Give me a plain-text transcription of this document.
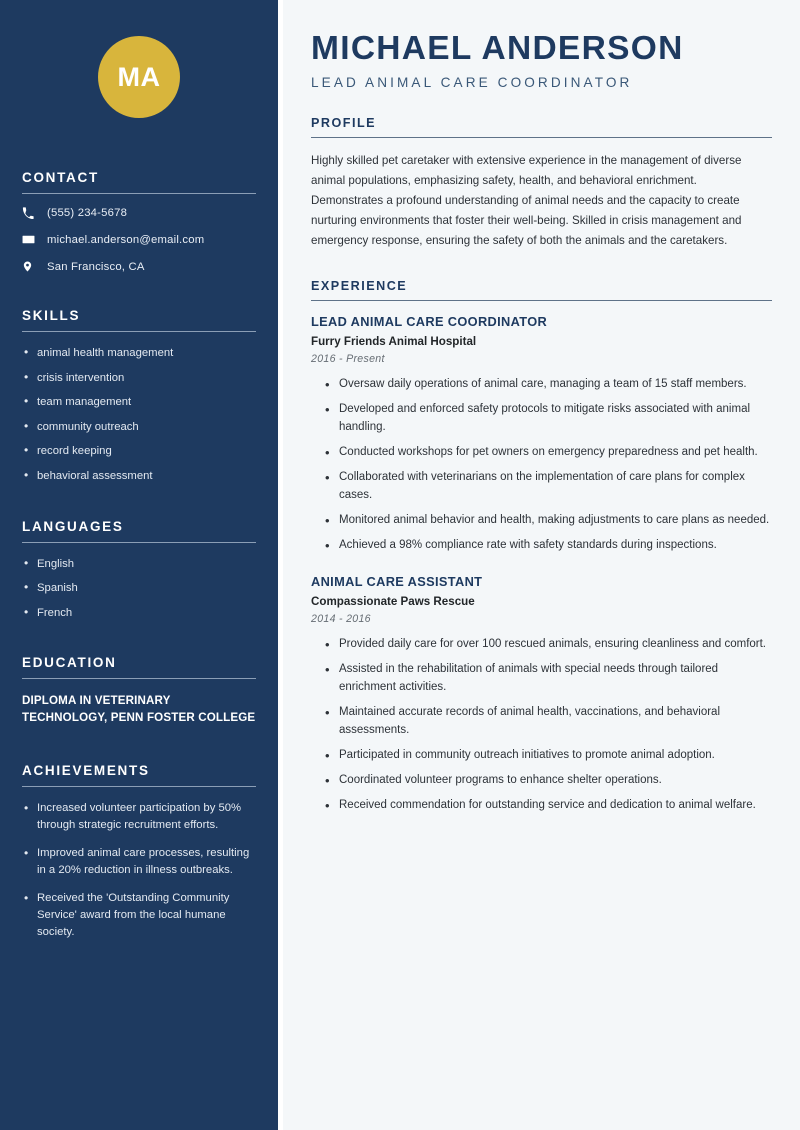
MA
CONTACT
(555) 234-5678
michael.anderson@email.com
San Francisco, CA
SKILLS
• animal health management
• crisis intervention
• team management
• community outreach
• record keeping
• behavioral assessment
LANGUAGES
• English
• Spanish
• French
EDUCATION
DIPLOMA IN VETERINARY TECHNOLOGY, PENN FOSTER COLLEGE
ACHIEVEMENTS
• Increased volunteer participation by 50% through strategic recruitment efforts.
• Improved animal care processes, resulting in a 20% reduction in illness outbreaks.
• Received the 'Outstanding Community Service' award from the local humane society.
MICHAEL ANDERSON
LEAD ANIMAL CARE COORDINATOR
PROFILE

Highly skilled pet caretaker with extensive experience in the management of diverse animal populations, emphasizing safety, health, and behavioral enrichment. Demonstrates a profound understanding of animal needs and the capacity to create nurturing environments that foster their well-being. Skilled in crisis management and emergency response, ensuring the safety of both the animals and the caretakers.

EXPERIENCE
LEAD ANIMAL CARE COORDINATOR
Furry Friends Animal Hospital
2016 - Present
• Oversaw daily operations of animal care, managing a team of 15 staff members.
• Developed and enforced safety protocols to mitigate risks associated with animal handling.
• Conducted workshops for pet owners on emergency preparedness and pet health.
• Collaborated with veterinarians on the implementation of care plans for complex cases.
• Monitored animal behavior and health, making adjustments to care plans as needed.
• Achieved a 98% compliance rate with safety standards during inspections.
ANIMAL CARE ASSISTANT
Compassionate Paws Rescue
2014 - 2016
• Provided daily care for over 100 rescued animals, ensuring cleanliness and comfort.
• Assisted in the rehabilitation of animals with special needs through tailored enrichment activities.
• Maintained accurate records of animal health, vaccinations, and behavioral assessments.
• Participated in community outreach initiatives to promote animal adoption.
• Coordinated volunteer programs to enhance shelter operations.
• Received commendation for outstanding service and dedication to animal welfare.
